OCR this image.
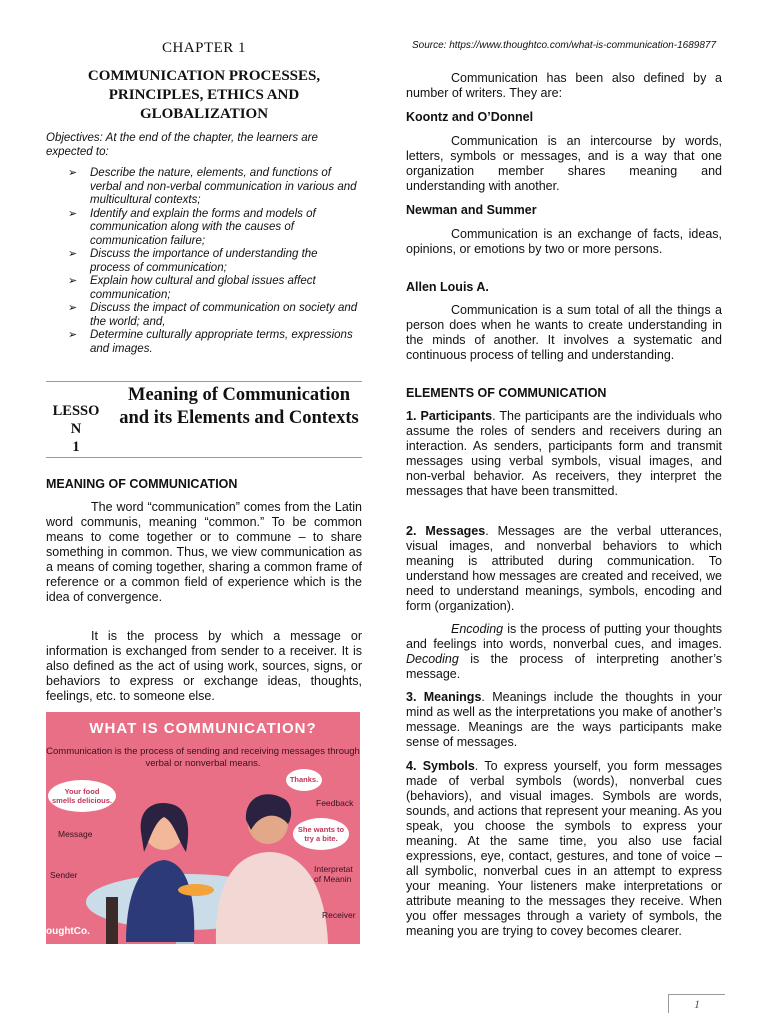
CHAPTER 1
COMMUNICATION PROCESSES, PRINCIPLES, ETHICS AND GLOBALIZATION
Objectives: At the end of the chapter, the learners are expected to:
➢ Describe the nature, elements, and functions of verbal and non-verbal communication in various and multicultural contexts;
➢ Identify and explain the forms and models of communication along with the causes of communication failure;
➢ Discuss the importance of understanding the process of communication;
➢ Explain how cultural and global issues affect communication;
➢ Discuss the impact of communication on society and the world; and,
➢ Determine culturally appropriate terms, expressions and images.
LESSO
N
1
Meaning of Communication and its Elements and Contexts
MEANING OF COMMUNICATION

The word “communication” comes from the Latin word communis, meaning “common.” To be common means to come together or to commune – to share something in common. Thus, we view communication as a means of coming together, sharing a common frame of reference or a common field of experience which is the idea of convergence.

It is the process by which a message or information is exchanged from sender to a receiver. It is also defined as the act of using work, sources, signs, or behaviors to express or exchange ideas, thoughts, feelings, etc. to someone else.

WHAT IS COMMUNICATION?
Communication is the process of sending and receiving messages through
verbal or nonverbal means.
Your food
smells delicious.
Thanks.
She wants to
try a bite.
Feedback
Message
Sender
Interpretat
of Meanin
Receiver
oughtCo.
Source: https://www.thoughtco.com/what-is-communication-1689877

Communication has been also defined by a number of writers. They are:

Koontz and O’Donnel

Communication is an intercourse by words, letters, symbols or messages, and is a way that one organization member shares meaning and understanding with another.

Newman and Summer

Communication is an exchange of facts, ideas, opinions, or emotions by two or more persons.

Allen Louis A.

Communication is a sum total of all the things a person does when he wants to create understanding in the minds of another. It involves a systematic and continuous process of telling and understanding.

ELEMENTS OF COMMUNICATION

1. Participants. The participants are the individuals who assume the roles of senders and receivers during an interaction. As senders, participants form and transmit messages using verbal symbols, visual images, and non-verbal behavior. As receivers, they interpret the messages that have been transmitted.

2. Messages. Messages are the verbal utterances, visual images, and nonverbal behaviors to which meaning is attributed during communication. To understand how messages are created and received, we need to understand meanings, symbols, encoding and form (organization).

Encoding is the process of putting your thoughts and feelings into words, nonverbal cues, and images. Decoding is the process of interpreting another’s message.

3. Meanings. Meanings include the thoughts in your mind as well as the interpretations you make of another’s message. Meanings are the ways participants make sense of messages.

4. Symbols. To express yourself, you form messages made of verbal symbols (words), nonverbal cues (behaviors), and visual images. Symbols are words, sounds, and actions that represent your meaning. As you speak, you choose the symbols to express your meaning. At the same time, you also use facial expressions, eye, contact, gestures, and tone of voice – all symbolic, nonverbal cues in an attempt to express your meaning. Your listeners make interpretations or attribute meaning to the messages they receive. When you offer messages through a variety of symbols, the meaning you are trying to covey becomes clearer.

1
